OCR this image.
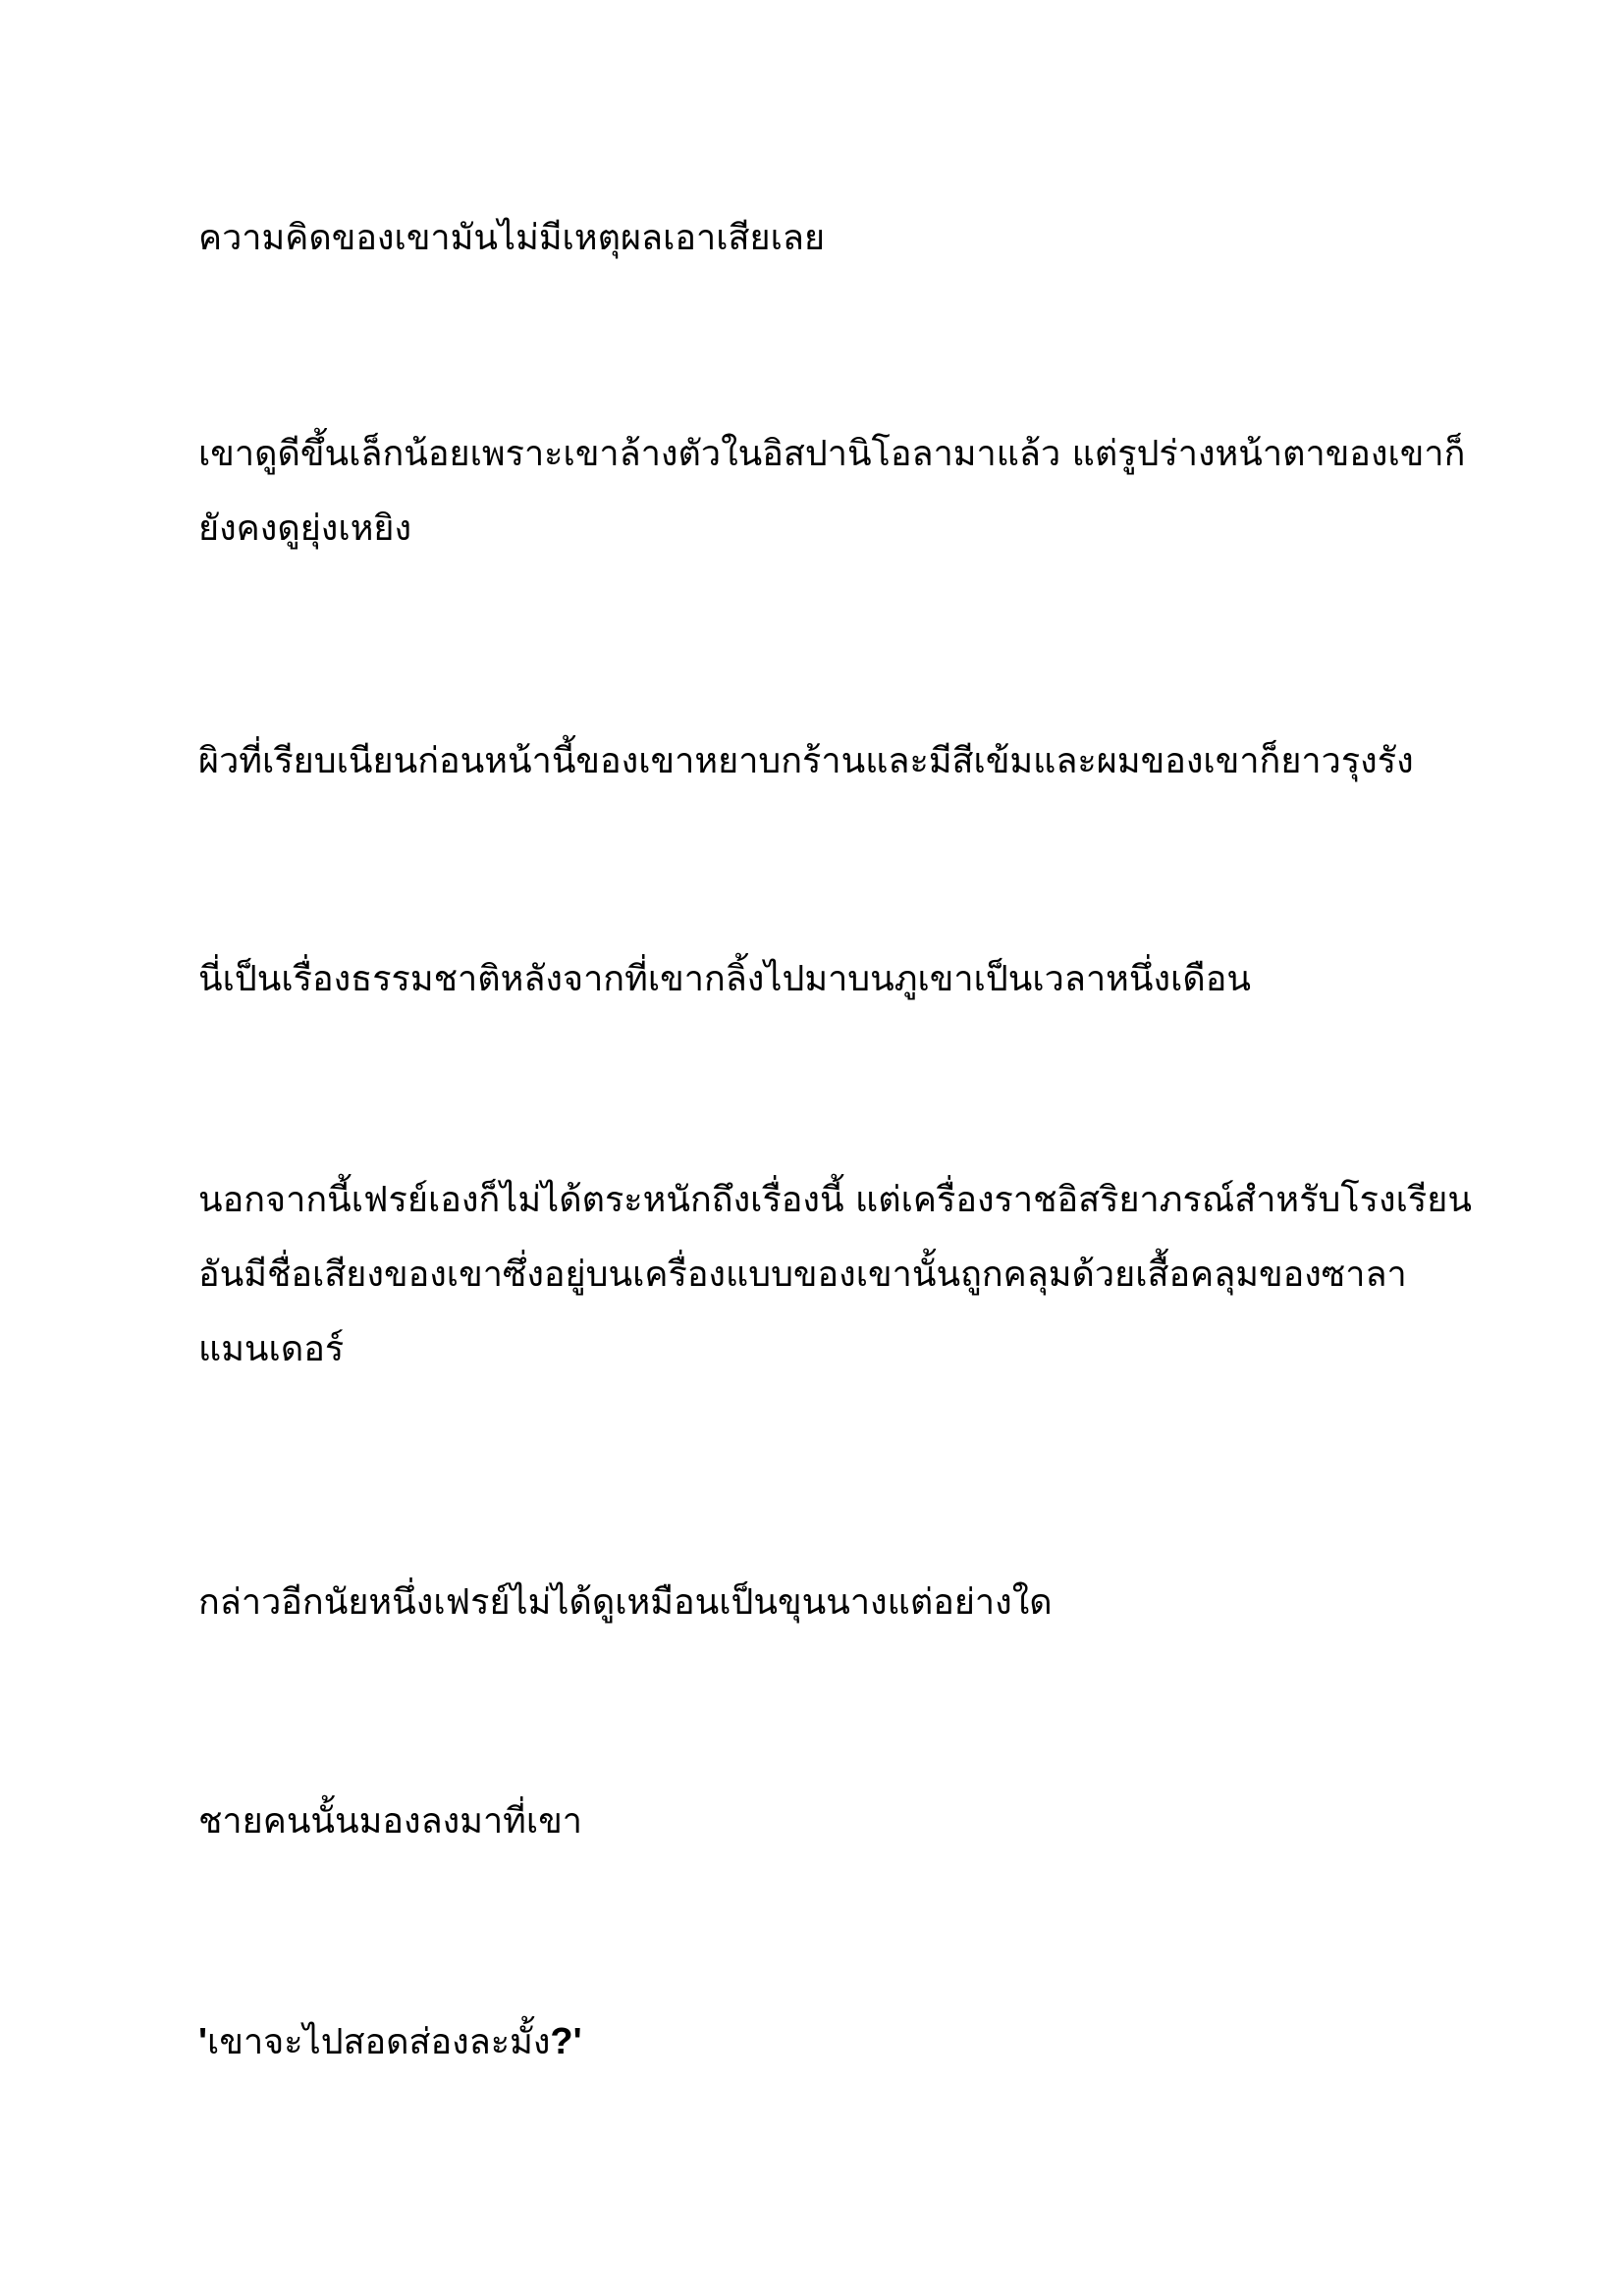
ความคิดของเขามันไม่มีเหตุผลเอาเสียเลย

เขาดูดีขึ้นเล็กน้อยเพราะเขาล้างตัวในอิสปานิโอลามาแล้ว แต่รูปร่างหน้าตาของเขาก็
ยังคงดูยุ่งเหยิง

ผิวที่เรียบเนียนก่อนหน้านี้ของเขาหยาบกร้านและมีสีเข้มและผมของเขาก็ยาวรุงรัง

นี่เป็นเรื่องธรรมชาติหลังจากที่เขากลิ้งไปมาบนภูเขาเป็นเวลาหนึ่งเดือน

นอกจากนี้เฟรย์เองก็ไม่ได้ตระหนักถึงเรื่องนี้ แต่เครื่องราชอิสริยาภรณ์สำหรับโรงเรียน
อันมีชื่อเสียงของเขาซึ่งอยู่บนเครื่องแบบของเขานั้นถูกคลุมด้วยเสื้อคลุมของซาลา
แมนเดอร์

กล่าวอีกนัยหนึ่งเฟรย์ไม่ได้ดูเหมือนเป็นขุนนางแต่อย่างใด

ชายคนนั้นมองลงมาที่เขา

'เขาจะไปสอดส่องละมั้ง?'
